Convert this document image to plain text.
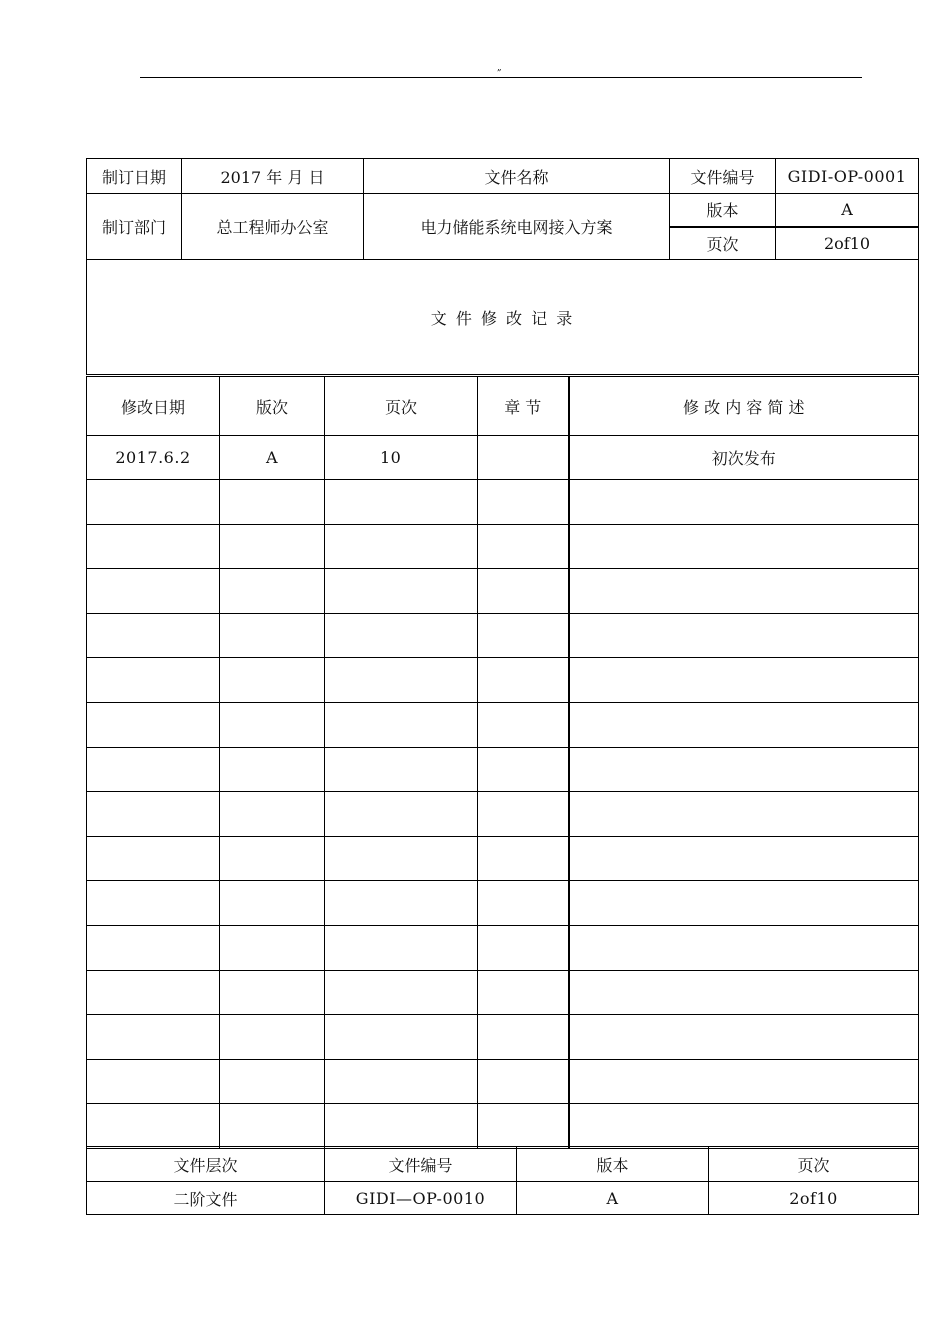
„
制订日期	2017 年 月 日	文件名称	文件编号	GIDI-OP-0001
制订部门	总工程师办公室	电力储能系统电网接入方案	版本	A
			页次	2of10
文 件 修 改 记 录				
修改日期	版次	页次	章 节	修 改 内 容 简 述
2017.6.2	A	10		初次发布

文件层次	文件编号	版本	页次
二阶文件	GIDI—OP-0010	A	2of10
